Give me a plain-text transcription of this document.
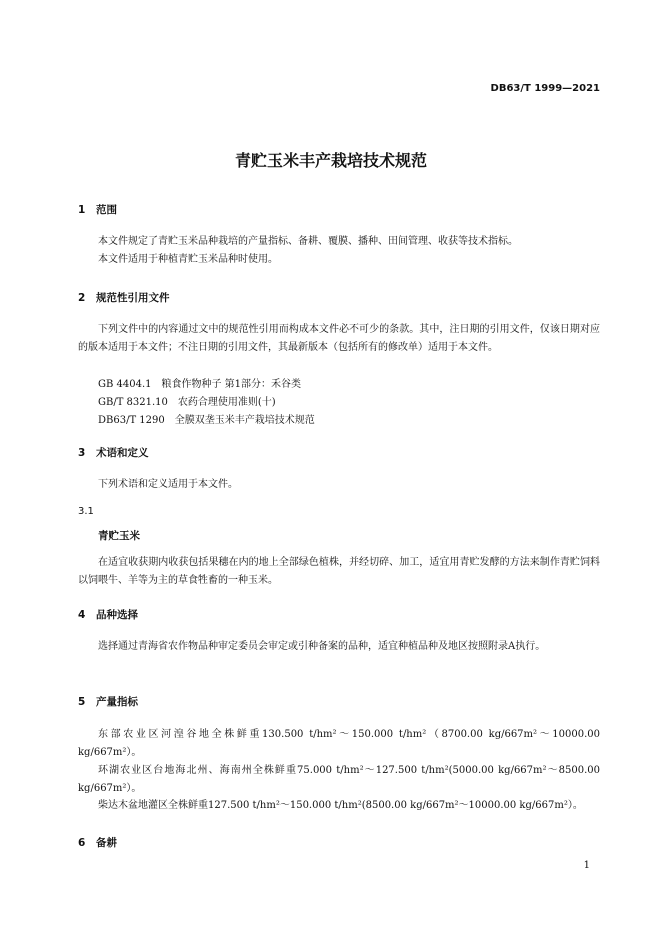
DB63/T 1999—2021
青贮玉米丰产栽培技术规范
1 范围
本文件规定了青贮玉米品种栽培的产量指标、备耕、覆膜、播种、田间管理、收获等技术指标。
本文件适用于种植青贮玉米品种时使用。
2 规范性引用文件
下列文件中的内容通过文中的规范性引用而构成本文件必不可少的条款。其中，注日期的引用文件，仅该日期对应的版本适用于本文件；不注日期的引用文件，其最新版本（包括所有的修改单）适用于本文件。
GB 4404.1　粮食作物种子 第1部分：禾谷类
GB/T 8321.10　农药合理使用准则(十)
DB63/T 1290　全膜双垄玉米丰产栽培技术规范
3 术语和定义
下列术语和定义适用于本文件。
3.1
青贮玉米
在适宜收获期内收获包括果穗在内的地上全部绿色植株，并经切碎、加工，适宜用青贮发酵的方法来制作青贮饲料以饲喂牛、羊等为主的草食牲畜的一种玉米。
4 品种选择
选择通过青海省农作物品种审定委员会审定或引种备案的品种，适宜种植品种及地区按照附录A执行。
5 产量指标
东部农业区河湟谷地全株鲜重130.500 t/hm²～150.000 t/hm²（8700.00 kg/667m²～10000.00 kg/667m²）。
环湖农业区台地海北州、海南州全株鲜重75.000 t/hm²～127.500 t/hm²(5000.00 kg/667m²～8500.00 kg/667m²）。
柴达木盆地灌区全株鲜重127.500 t/hm²～150.000 t/hm²(8500.00 kg/667m²～10000.00 kg/667m²）。
6 备耕
1
